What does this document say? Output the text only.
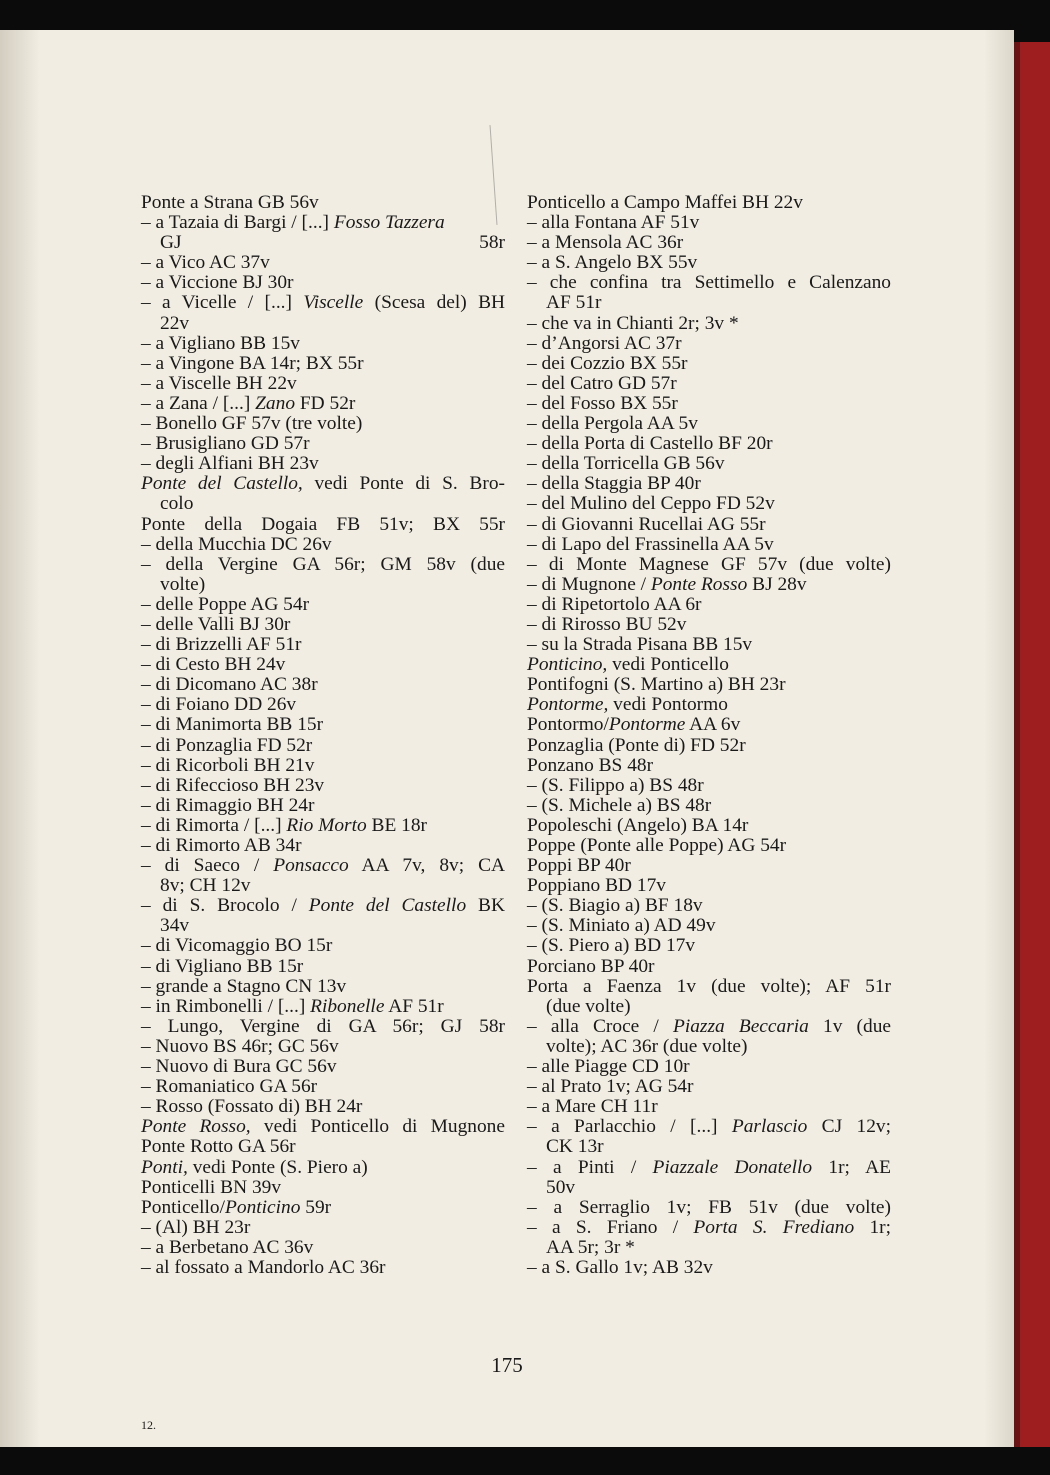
Ponte a Strana GB 56v
– a Tazaia di Bargi / [...] Fosso Tazzera
GJ 58r
– a Vico AC 37v
– a Viccione BJ 30r
– a Vicelle / [...] Viscelle (Scesa del) BH
22v
– a Vigliano BB 15v
– a Vingone BA 14r; BX 55r
– a Viscelle BH 22v
– a Zana / [...] Zano FD 52r
– Bonello GF 57v (tre volte)
– Brusigliano GD 57r
– degli Alfiani BH 23v
Ponte del Castello, vedi Ponte di S. Bro-
colo
Ponte della Dogaia FB 51v; BX 55r
– della Mucchia DC 26v
– della Vergine GA 56r; GM 58v (due
volte)
– delle Poppe AG 54r
– delle Valli BJ 30r
– di Brizzelli AF 51r
– di Cesto BH 24v
– di Dicomano AC 38r
– di Foiano DD 26v
– di Manimorta BB 15r
– di Ponzaglia FD 52r
– di Ricorboli BH 21v
– di Rifeccioso BH 23v
– di Rimaggio BH 24r
– di Rimorta / [...] Rio Morto BE 18r
– di Rimorto AB 34r
– di Saeco / Ponsacco AA 7v, 8v; CA
8v; CH 12v
– di S. Brocolo / Ponte del Castello BK
34v
– di Vicomaggio BO 15r
– di Vigliano BB 15r
– grande a Stagno CN 13v
– in Rimbonelli / [...] Ribonelle AF 51r
– Lungo, Vergine di GA 56r; GJ 58r
– Nuovo BS 46r; GC 56v
– Nuovo di Bura GC 56v
– Romaniatico GA 56r
– Rosso (Fossato di) BH 24r
Ponte Rosso, vedi Ponticello di Mugnone
Ponte Rotto GA 56r
Ponti, vedi Ponte (S. Piero a)
Ponticelli BN 39v
Ponticello/Ponticino 59r
– (Al) BH 23r
– a Berbetano AC 36v
– al fossato a Mandorlo AC 36r
Ponticello a Campo Maffei BH 22v
– alla Fontana AF 51v
– a Mensola AC 36r
– a S. Angelo BX 55v
– che confina tra Settimello e Calenzano
AF 51r
– che va in Chianti 2r; 3v *
– d’Angorsi AC 37r
– dei Cozzio BX 55r
– del Catro GD 57r
– del Fosso BX 55r
– della Pergola AA 5v
– della Porta di Castello BF 20r
– della Torricella GB 56v
– della Staggia BP 40r
– del Mulino del Ceppo FD 52v
– di Giovanni Rucellai AG 55r
– di Lapo del Frassinella AA 5v
– di Monte Magnese GF 57v (due volte)
– di Mugnone / Ponte Rosso BJ 28v
– di Ripetortolo AA 6r
– di Rirosso BU 52v
– su la Strada Pisana BB 15v
Ponticino, vedi Ponticello
Pontifogni (S. Martino a) BH 23r
Pontorme, vedi Pontormo
Pontormo/Pontorme AA 6v
Ponzaglia (Ponte di) FD 52r
Ponzano BS 48r
– (S. Filippo a) BS 48r
– (S. Michele a) BS 48r
Popoleschi (Angelo) BA 14r
Poppe (Ponte alle Poppe) AG 54r
Poppi BP 40r
Poppiano BD 17v
– (S. Biagio a) BF 18v
– (S. Miniato a) AD 49v
– (S. Piero a) BD 17v
Porciano BP 40r
Porta a Faenza 1v (due volte); AF 51r
(due volte)
– alla Croce / Piazza Beccaria 1v (due
volte); AC 36r (due volte)
– alle Piagge CD 10r
– al Prato 1v; AG 54r
– a Mare CH 11r
– a Parlacchio / [...] Parlascio CJ 12v;
CK 13r
– a Pinti / Piazzale Donatello 1r; AE
50v
– a Serraglio 1v; FB 51v (due volte)
– a S. Friano / Porta S. Frediano 1r;
AA 5r; 3r *
– a S. Gallo 1v; AB 32v
175
12.
